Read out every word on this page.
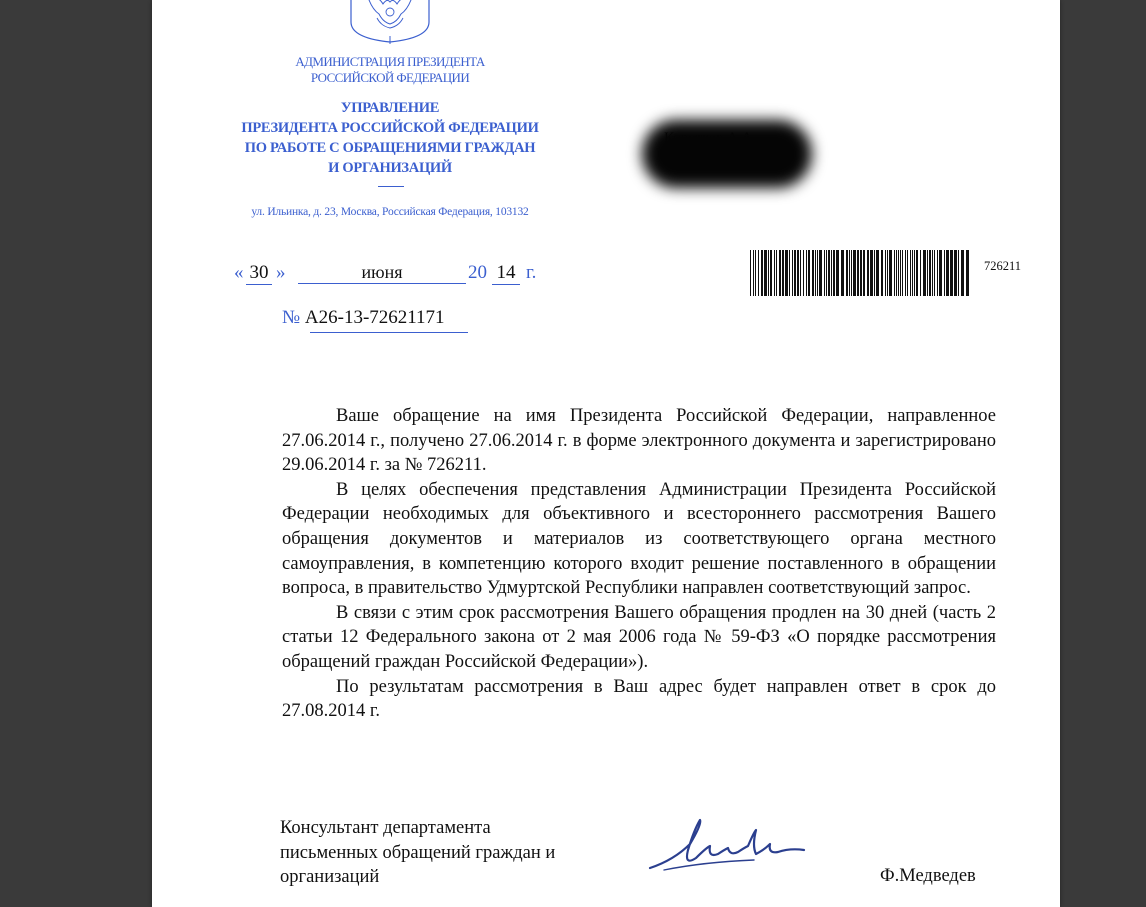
АДМИНИСТРАЦИЯ ПРЕЗИДЕНТА
РОССИЙСКОЙ ФЕДЕРАЦИИ
УПРАВЛЕНИЕ
ПРЕЗИДЕНТА РОССИЙСКОЙ ФЕДЕРАЦИИ
ПО РАБОТЕ С ОБРАЩЕНИЯМИ ГРАЖДАН
И ОРГАНИЗАЦИЙ
ул. Ильинка, д. 23, Москва, Российская Федерация, 103132
« 30 »	июня	20 14 г.
№ А26-13-72621171
726211

Ваше обращение на имя Президента Российской Федерации, направленное 27.06.2014 г., получено 27.06.2014 г. в форме электронного документа и зарегистрировано 29.06.2014 г. за № 726211.

В целях обеспечения представления Администрации Президента Российской Федерации необходимых для объективного и всестороннего рассмотрения Вашего обращения документов и материалов из соответствующего органа местного самоуправления, в компетенцию которого входит решение поставленного в обращении вопроса, в правительство Удмуртской Республики направлен соответствующий запрос.

В связи с этим срок рассмотрения Вашего обращения продлен на 30 дней (часть 2 статьи 12 Федерального закона от 2 мая 2006 года № 59-ФЗ «О порядке рассмотрения обращений граждан Российской Федерации»).

По результатам рассмотрения в Ваш адрес будет направлен ответ в срок до 27.08.2014 г.

Консультант департамента
письменных обращений граждан и
организаций	Ф.Медведев
